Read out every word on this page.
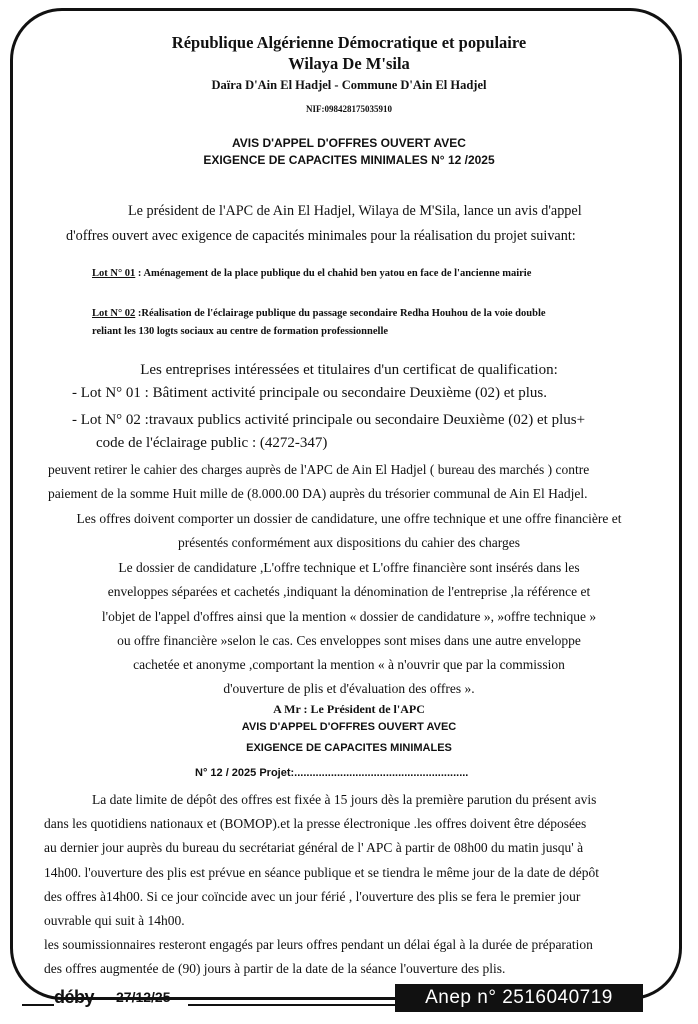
République Algérienne Démocratique et populaire
Wilaya De M'sila
Daïra D'Ain El Hadjel - Commune D'Ain El Hadjel
NIF:098428175035910
AVIS D'APPEL D'OFFRES OUVERT AVEC
EXIGENCE DE CAPACITES MINIMALES N° 12 /2025
Le président de l'APC de Ain El Hadjel, Wilaya de M'Sila, lance un avis d'appel
d'offres ouvert avec exigence de capacités minimales pour la réalisation du projet suivant:
Lot N° 01 : Aménagement de la place publique du el chahid ben yatou en face de l'ancienne mairie
Lot N° 02 :Réalisation de l'éclairage publique du passage secondaire Redha Houhou de la voie double
reliant les 130 logts sociaux au centre de formation professionnelle
Les entreprises intéressées et titulaires d'un certificat de qualification:
- Lot N° 01 : Bâtiment activité principale ou secondaire Deuxième (02) et plus.
- Lot N° 02 :travaux publics activité principale ou secondaire Deuxième (02) et plus+
code de l'éclairage public : (4272-347)
peuvent retirer le cahier des charges auprès de l'APC de Ain El Hadjel ( bureau des marchés ) contre
paiement de la somme Huit mille de (8.000.00 DA) auprès du trésorier communal de Ain El Hadjel.
Les offres doivent comporter un dossier de candidature, une offre technique et une offre financière et
présentés conformément aux dispositions du cahier des charges
Le dossier de candidature ,L'offre technique et L'offre financière sont insérés dans les
enveloppes séparées et cachetés ,indiquant la dénomination de l'entreprise ,la référence et
l'objet de l'appel d'offres ainsi que la mention « dossier de candidature », »offre technique »
ou offre financière »selon le cas. Ces enveloppes sont mises dans une autre enveloppe
cachetée et anonyme ,comportant la mention « à n'ouvrir que par la commission
d'ouverture de plis et d'évaluation des offres ».
A Mr : Le Président de l'APC
AVIS D'APPEL D'OFFRES OUVERT AVEC
EXIGENCE DE CAPACITES MINIMALES
N° 12 / 2025 Projet:.........................................................
La date limite de dépôt des offres est fixée à 15 jours dès la première parution du présent avis
dans les quotidiens nationaux et (BOMOP).et la presse électronique .les offres doivent être déposées
au dernier jour auprès du bureau du secrétariat général de l' APC à partir de 08h00 du matin jusqu' à
14h00. l'ouverture des plis est prévue en séance publique et se tiendra le même jour de la date de dépôt
des offres à14h00. Si ce jour coïncide avec un jour férié , l'ouverture des plis se fera le premier jour
ouvrable qui suit à 14h00.
les soumissionnaires resteront engagés par leurs offres pendant un délai égal à la durée de préparation
des offres augmentée de (90) jours à partir de la date de la séance l'ouverture des plis.
déby	27/12/25	Anep n° 2516040719
